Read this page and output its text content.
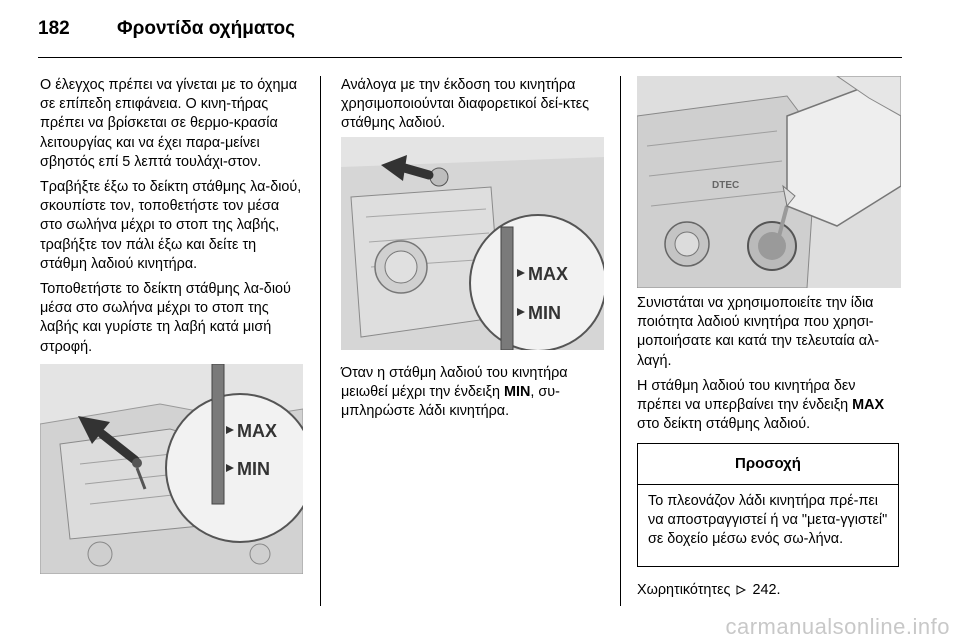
182 Φροντίδα οχήματος

Ο έλεγχος πρέπει να γίνεται με το όχημα σε επίπεδη επιφάνεια. Ο κινη-τήρας πρέπει να βρίσκεται σε θερμο-κρασία λειτουργίας και να έχει παρα-μείνει σβηστός επί 5 λεπτά τουλάχι-στον.

Τραβήξτε έξω το δείκτη στάθμης λα-διού, σκουπίστε τον, τοποθετήστε τον μέσα στο σωλήνα μέχρι το στοπ της λαβής, τραβήξτε τον πάλι έξω και δείτε τη στάθμη λαδιού κινητήρα.

Τοποθετήστε το δείκτη στάθμης λα-διού μέσα στο σωλήνα μέχρι το στοπ της λαβής και γυρίστε τη λαβή κατά μισή στροφή.

MAX
MIN

Ανάλογα με την έκδοση του κινητήρα χρησιμοποιούνται διαφορετικοί δεί-κτες στάθμης λαδιού.

MAX
MIN

Όταν η στάθμη λαδιού του κινητήρα μειωθεί μέχρι την ένδειξη MIN, συ-μπληρώστε λάδι κινητήρα.

DTEC

Συνιστάται να χρησιμοποιείτε την ίδια ποιότητα λαδιού κινητήρα που χρησι-μοποιήσατε και κατά την τελευταία αλ-λαγή.

Η στάθμη λαδιού του κινητήρα δεν πρέπει να υπερβαίνει την ένδειξη MAX στο δείκτη στάθμης λαδιού.

Προσοχή
Το πλεονάζον λάδι κινητήρα πρέ-πει να αποστραγγιστεί ή να "μετα-γγιστεί" σε δοχείο μέσω ενός σω-λήνα.
Χωρητικότητες 242.
carmanualsonline.info
